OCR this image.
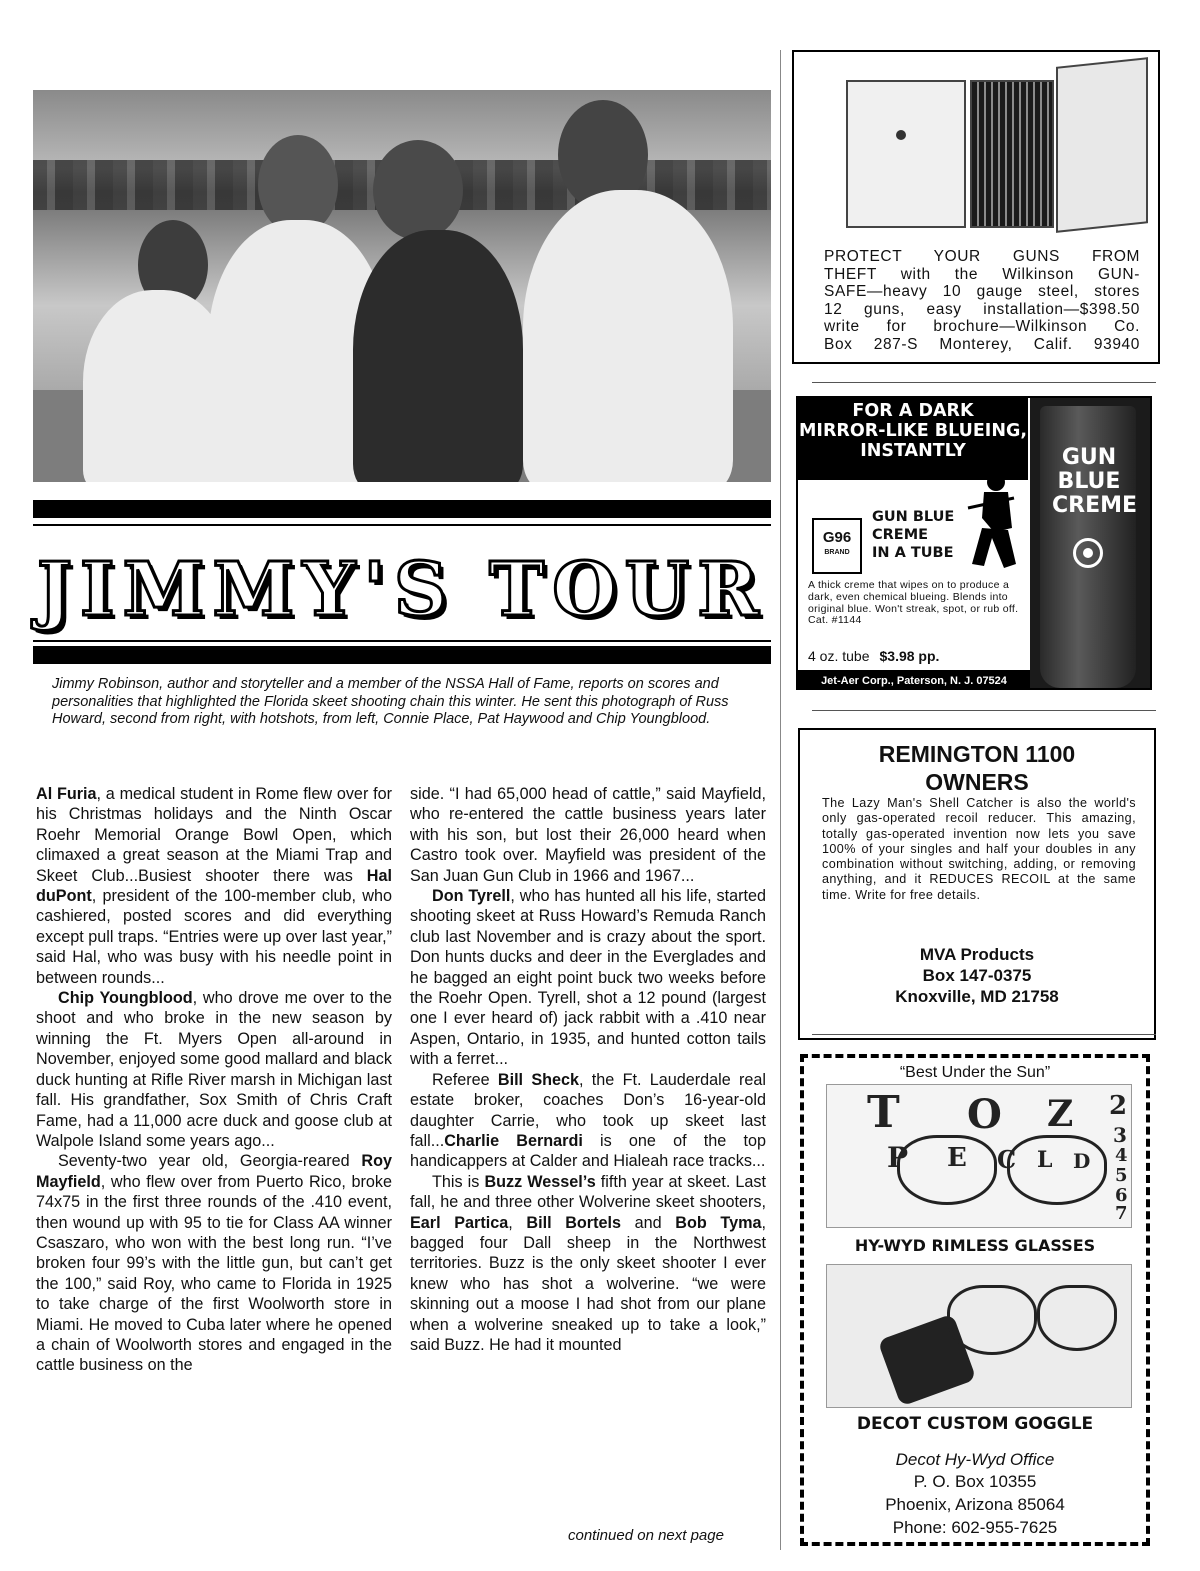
JIMMY'S TOUR
Jimmy Robinson, author and storyteller and a member of the NSSA Hall of Fame, reports on scores and personalities that highlighted the Florida skeet shooting chain this winter. He sent this photograph of Russ Howard, second from right, with hotshots, from left, Connie Place, Pat Haywood and Chip Youngblood.

Al Furia, a medical student in Rome flew over for his Christmas holidays and the Ninth Oscar Roehr Memorial Orange Bowl Open, which climaxed a great season at the Miami Trap and Skeet Club...Busiest shooter there was Hal duPont, president of the 100-member club, who cashiered, posted scores and did everything except pull traps. “Entries were up over last year,” said Hal, who was busy with his needle point in between rounds...

Chip Youngblood, who drove me over to the shoot and who broke in the new season by winning the Ft. Myers Open all-around in November, enjoyed some good mallard and black duck hunting at Rifle River marsh in Michigan last fall. His grandfather, Sox Smith of Chris Craft Fame, had a 11,000 acre duck and goose club at Walpole Island some years ago...

Seventy-two year old, Georgia-reared Roy Mayfield, who flew over from Puerto Rico, broke 74x75 in the first three rounds of the .410 event, then wound up with 95 to tie for Class AA winner Csaszaro, who won with the best long run. “I’ve broken four 99’s with the little gun, but can’t get the 100,” said Roy, who came to Florida in 1925 to take charge of the first Woolworth store in Miami. He moved to Cuba later where he opened a chain of Woolworth stores and engaged in the cattle business on the

side. “I had 65,000 head of cattle,” said Mayfield, who re-entered the cattle business years later with his son, but lost their 26,000 heard when Castro took over. Mayfield was president of the San Juan Gun Club in 1966 and 1967...

Don Tyrell, who has hunted all his life, started shooting skeet at Russ Howard’s Remuda Ranch club last November and is crazy about the sport. Don hunts ducks and deer in the Everglades and he bagged an eight point buck two weeks before the Roehr Open. Tyrell, shot a 12 pound (largest one I ever heard of) jack rabbit with a .410 near Aspen, Ontario, in 1935, and hunted cotton tails with a ferret...

Referee Bill Sheck, the Ft. Lauderdale real estate broker, coaches Don’s 16-year-old daughter Carrie, who took up skeet last fall...Charlie Bernardi is one of the top handicappers at Calder and Hialeah race tracks...

This is Buzz Wessel’s fifth year at skeet. Last fall, he and three other Wolverine skeet shooters, Earl Partica, Bill Bortels and Bob Tyma, bagged four Dall sheep in the Northwest territories. Buzz is the only skeet shooter I ever knew who has shot a wolverine. “we were skinning out a moose I had shot from our plane when a wolverine sneaked up to take a look,” said Buzz. He had it mounted

continued on next page
PROTECT YOUR GUNS FROM
THEFT with the Wilkinson GUN-
SAFE—heavy 10 gauge steel, stores
12 guns, easy installation—$398.50
write for brochure—Wilkinson Co.
Box 287-S Monterey, Calif. 93940
FOR A DARK
MIRROR-LIKE BLUEING,
INSTANTLY
G96
BRAND
GUN BLUE
CREME
IN A TUBE
A thick creme that wipes on to produce a dark, even chemical blueing. Blends into original blue. Won't streak, spot, or rub off. Cat. #1144
4 oz. tube $3.98 pp.
Jet-Aer Corp., Paterson, N. J. 07524
GUN BLUE CREME
REMINGTON 1100
OWNERS
The Lazy Man's Shell Catcher is also the world's only gas-operated recoil reducer. This amazing, totally gas-operated invention now lets you save 100% of your singles and half your doubles in any combination without switching, adding, or removing anything, and it REDUCES RECOIL at the same time. Write for free details.
MVA Products
Box 147-0375
Knoxville, MD 21758
“Best Under the Sun”
T O Z 2
P E C L D
3
4
5
6
7
HY-WYD RIMLESS GLASSES
DECOT CUSTOM GOGGLE
Decot Hy-Wyd Office
P. O. Box 10355
Phoenix, Arizona 85064
Phone: 602-955-7625
